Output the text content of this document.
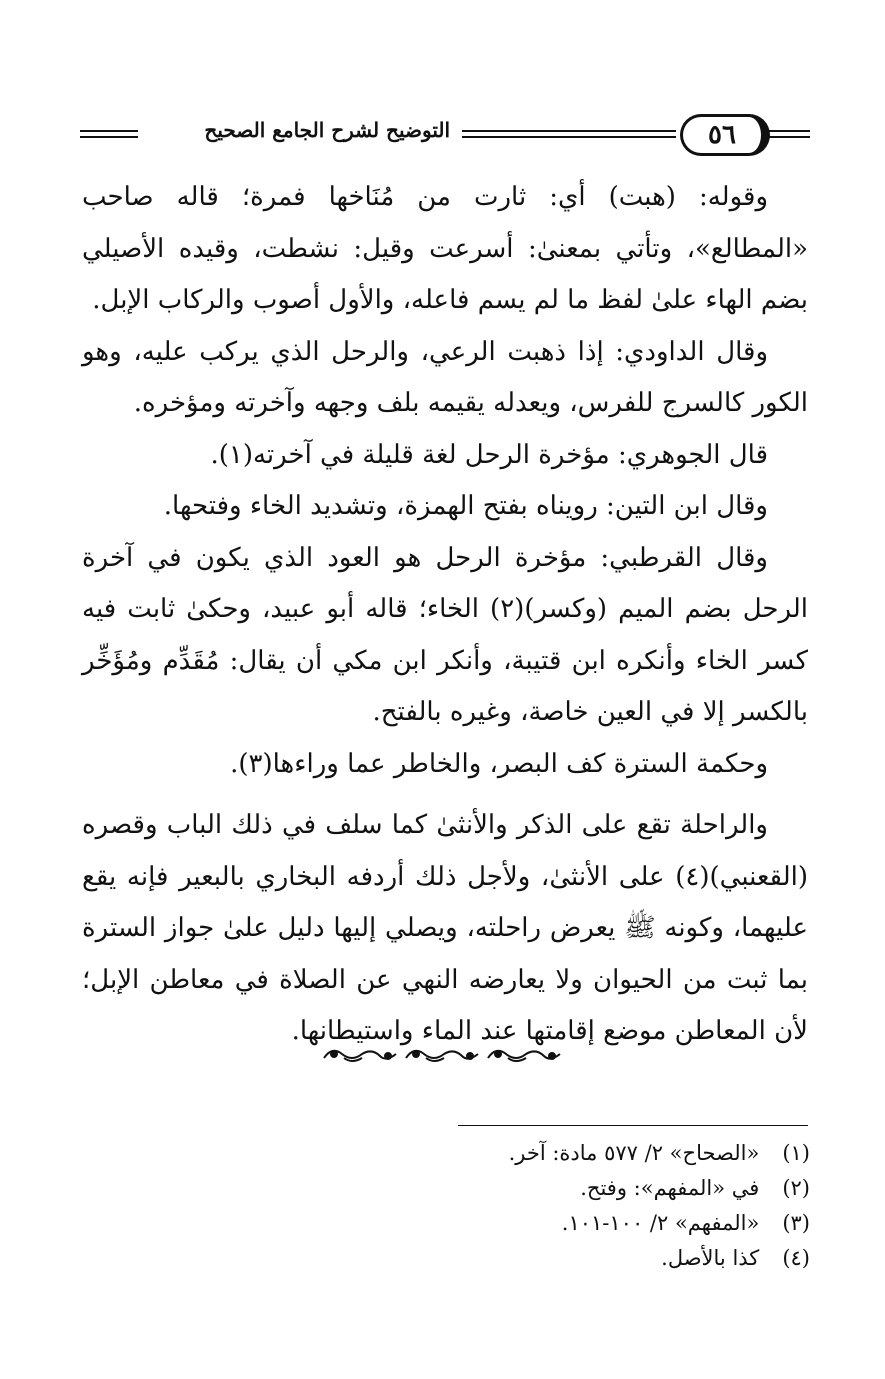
٥٦
التوضيح لشرح الجامع الصحيح

وقوله: (هبت) أي: ثارت من مُنَاخها فمرة؛ قاله صاحب «المطالع»، وتأتي بمعنىٰ: أسرعت وقيل: نشطت، وقيده الأصيلي بضم الهاء علىٰ لفظ ما لم يسم فاعله، والأول أصوب والركاب الإبل.

وقال الداودي: إذا ذهبت الرعي، والرحل الذي يركب عليه، وهو الكور كالسرج للفرس، ويعدله يقيمه بلف وجهه وآخرته ومؤخره.

قال الجوهري: مؤخرة الرحل لغة قليلة في آخرته(١).

وقال ابن التين: رويناه بفتح الهمزة، وتشديد الخاء وفتحها.

وقال القرطبي: مؤخرة الرحل هو العود الذي يكون في آخرة الرحل بضم الميم (وكسر)(٢) الخاء؛ قاله أبو عبيد، وحكىٰ ثابت فيه كسر الخاء وأنكره ابن قتيبة، وأنكر ابن مكي أن يقال: مُقَدِّم ومُؤَخِّر بالكسر إلا في العين خاصة، وغيره بالفتح.

وحكمة السترة كف البصر، والخاطر عما وراءها(٣).

والراحلة تقع على الذكر والأنثىٰ كما سلف في ذلك الباب وقصره (القعنبي)(٤) على الأنثىٰ، ولأجل ذلك أردفه البخاري بالبعير فإنه يقع عليهما، وكونه ﷺ يعرض راحلته، ويصلي إليها دليل علىٰ جواز السترة بما ثبت من الحيوان ولا يعارضه النهي عن الصلاة في معاطن الإبل؛ لأن المعاطن موضع إقامتها عند الماء واستيطانها.

(١) «الصحاح» ٢/ ٥٧٧ مادة: آخر.
(٢) في «المفهم»: وفتح.
(٣) «المفهم» ٢/ ١٠٠-١٠١.
(٤) كذا بالأصل.
